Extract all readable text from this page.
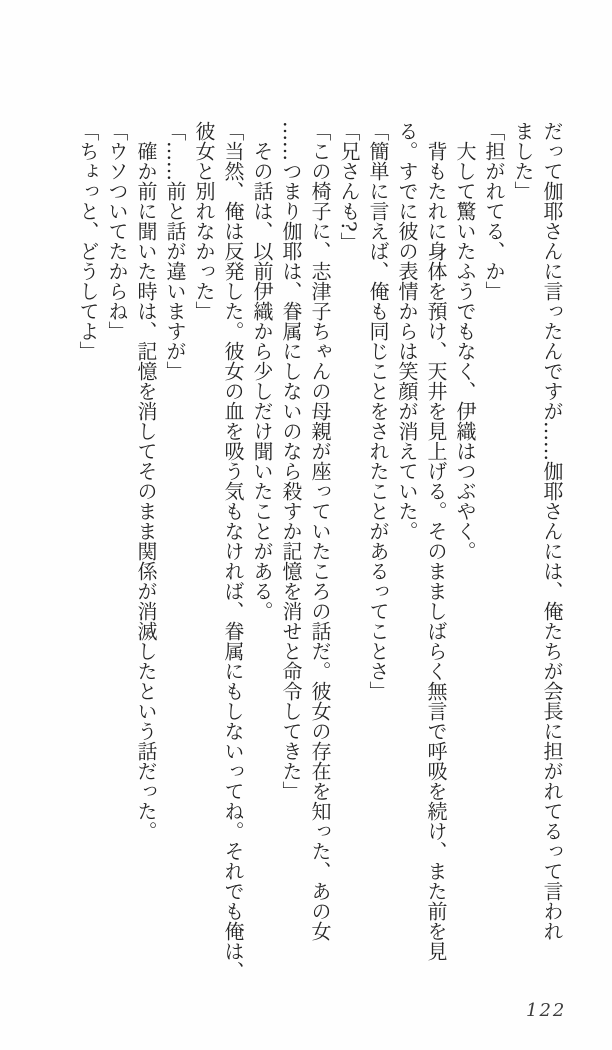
だって伽耶さんに言ったんですが……伽耶さんには、俺たちが会長に担がれてるって言われ

ました」

「担がれてる、か」

大して驚いたふうでもなく、伊織はつぶやく。

背もたれに身体を預け、天井を見上げる。そのまましばらく無言で呼吸を続け、また前を見

る。すでに彼の表情からは笑顔が消えていた。

「簡単に言えば、俺も同じことをされたことがあるってことさ」

「兄さんも?」

「この椅子に、志津子ちゃんの母親が座っていたころの話だ。彼女の存在を知った、あの女

……つまり伽耶は、眷属にしないのなら殺すか記憶を消せと命令してきた」

その話は、以前伊織から少しだけ聞いたことがある。

「当然、俺は反発した。彼女の血を吸う気もなければ、眷属にもしないってね。それでも俺は、

彼女と別れなかった」

「……前と話が違いますが」

確か前に聞いた時は、記憶を消してそのまま関係が消滅したという話だった。

「ウソついてたからね」

「ちょっと、どうしてよ」

122
